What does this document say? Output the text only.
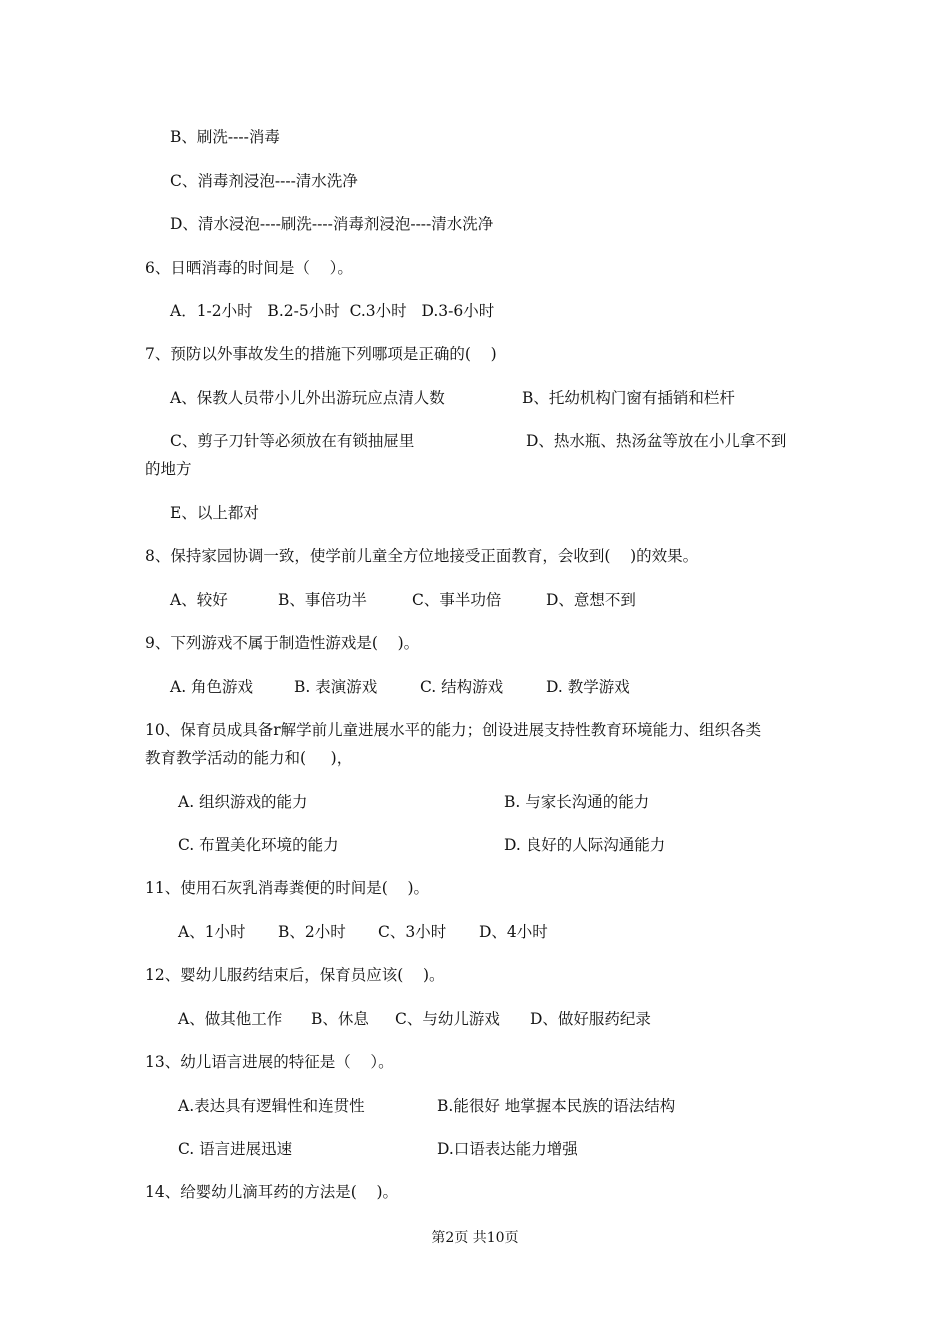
B、刷洗----消毒
C、消毒剂浸泡----清水洗净
D、清水浸泡----刷洗----消毒剂浸泡----清水洗净
6、日晒消毒的时间是（    ）。
A．1-2小时   B.2-5小时  C.3小时   D.3-6小时
7、预防以外事故发生的措施下列哪项是正确的(    )
A、保教人员带小儿外出游玩应点清人数	B、托幼机构门窗有插销和栏杆
C、剪子刀针等必须放在有锁抽屉里	D、热水瓶、热汤盆等放在小儿拿不到
的地方
E、以上都对
8、保持家园协调一致，使学前儿童全方位地接受正面教育，会收到(    )的效果。
A、较好	B、事倍功半	C、事半功倍	D、意想不到
9、下列游戏不属于制造性游戏是(    )。
A. 角色游戏	B. 表演游戏	C. 结构游戏	D. 教学游戏
10、保育员成具备r解学前儿童进展水平的能力；创设进展支持性教育环境能力、组织各类
教育教学活动的能力和(     )，
A. 组织游戏的能力	B. 与家长沟通的能力
C. 布置美化环境的能力	D. 良好的人际沟通能力
11、使用石灰乳消毒粪便的时间是(    )。
A、1小时 B、2小时 C、3小时 D、4小时
12、婴幼儿服药结束后，保育员应该(    )。
A、做其他工作 B、休息 C、与幼儿游戏 D、做好服药纪录
13、幼儿语言进展的特征是（    ）。
A.表达具有逻辑性和连贯性	B.能很好 地掌握本民族的语法结构
C. 语言进展迅速	D.口语表达能力增强
14、给婴幼儿滴耳药的方法是(    )。
第2页 共10页
